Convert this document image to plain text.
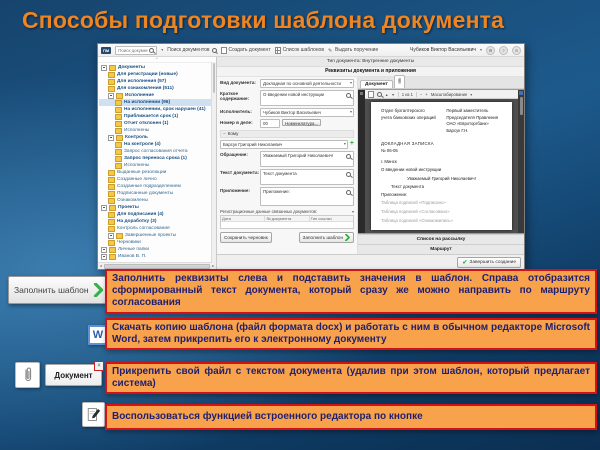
Способы подготовки шаблона документа
ПМ
Поиск документа ▾	Поиск документов	Создать документ Список шаблонов ✎ Выдать поручение	Чубиков Виктор Васильевич ▾	⚙	?	⊙
^
Документы
Для регистрации (новые)
Для исполнения (57)
Для ознакомления (511)
Исполнение
На исполнении (96)
На исполнении, срок нарушен (41)
Приближается срок (1)
Отчет отклонен (1)
Исполнены
Контроль
На контроле (4)
Запрос согласования отчета
Запрос переноса срока (1)
Исполнены
Выданные резолюции
Созданные лично
Созданные подразделением
Подписанные документы
Ознакомлены
Проекты
Для подписания (4)
На доработку (3)
Контроль согласования
Завершенные проекты
Черновики
Личные папки
Иванов В. П.
◄	►
Тип документа: Внутренние документы
Реквизиты документа и приложения
Вид документа:	Докладная по основной деятельности
▾
Краткое содержание:
О введении новой инструкции
Исполнитель:	Чубиков Виктор Васильевич
▾
Номер в деле:	00	Номенклатура...
−
Кому
Барсук Григорий Николаевич ▾	+
Обращение:	Уважаемый Григорий Николаевич!
Текст документа: Текст документа
Приложение:	Приложение:
Регистрационные данные связанных документов:
▾
Дата	№ документа	Тип ссылки
Сохранить черновик	Заполнить шаблон
Документ
▲
▼
1 из 1 − + Масштабирование
▾
Отдел бухгалтерского учета банковских операций
Первый заместитель Председателя Правления ОАО «Евроторгбанк» Барсук Г.Н.
ДОКЛАДНАЯ ЗАПИСКА
№ 06-05
г. Минск
О введении новой инструкции
Уважаемый Григорий Николаевич!
Текст документа
Приложение:
Таблица подписей «Подписано»
Таблица подписей «Согласовано»
Таблица подписей «Ознакомились»
Список на рассылку
Маршрут
✔
Завершить создание
Заполнить шаблон
W
Документ
×
Заполнить реквизиты слева и подставить значения в шаблон. Справа отобразится сформированный текст документа, который сразу же можно направить по маршруту согласования
Скачать копию шаблона (файл формата docx) и работать с ним в обычном редакторе Microsoft Word, затем прикрепить его к электронному документу
Прикрепить свой файл с текстом документа (удалив при этом шаблон, который предлагает система)
Воспользоваться функцией встроенного редактора по кнопке
